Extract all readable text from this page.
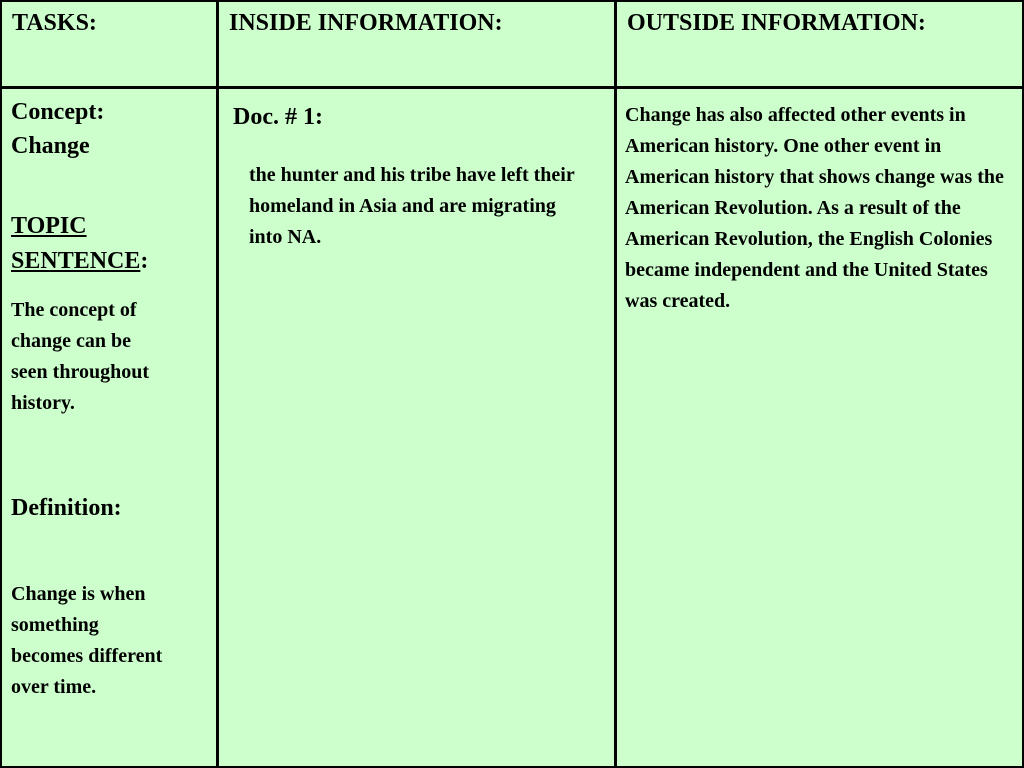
TASKS:	INSIDE INFORMATION:	OUTSIDE INFORMATION:
Concept:
Change
TOPIC SENTENCE:
The concept of change can be seen throughout history.
Definition:
Change is when something becomes different over time.
Doc. # 1:
the hunter and his tribe have left their homeland in Asia and are migrating into NA.
Change has also affected other events in American history. One other event in American history that shows change was the American Revolution. As a result of the American Revolution, the English Colonies became independent and the United States was created.
